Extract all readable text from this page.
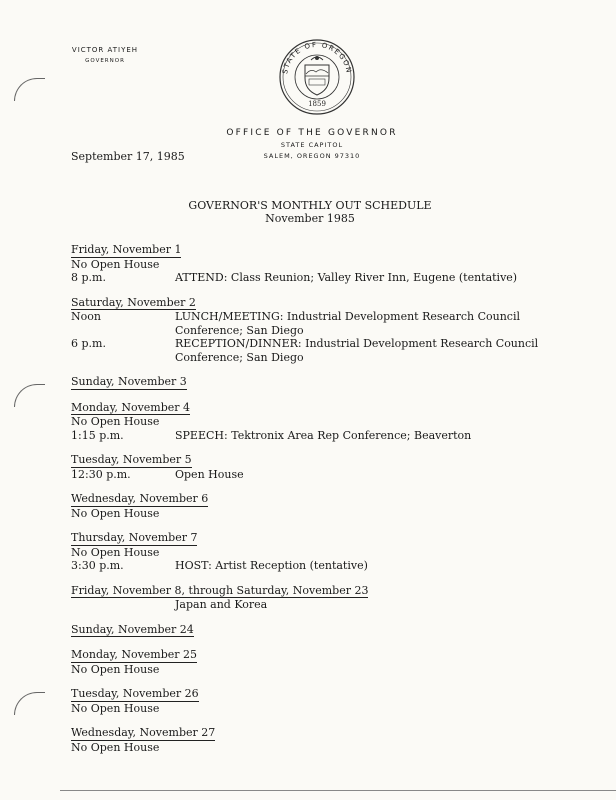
VICTOR ATIYEH
GOVERNOR
STATE OF OREGON
1859
OFFICE OF THE GOVERNOR
STATE CAPITOL
SALEM, OREGON 97310
September 17, 1985
GOVERNOR'S MONTHLY OUT SCHEDULE
November 1985
Friday, November 1
No Open House
8 p.m.	ATTEND: Class Reunion; Valley River Inn, Eugene (tentative)
Saturday, November 2
Noon	LUNCH/MEETING: Industrial Development Research Council
Conference; San Diego
6 p.m.	RECEPTION/DINNER: Industrial Development Research Council
Conference; San Diego
Sunday, November 3
Monday, November 4
No Open House
1:15 p.m.	SPEECH: Tektronix Area Rep Conference; Beaverton
Tuesday, November 5
12:30 p.m.	Open House
Wednesday, November 6
No Open House
Thursday, November 7
No Open House
3:30 p.m.	HOST: Artist Reception (tentative)
Friday, November 8, through Saturday, November 23
Japan and Korea
Sunday, November 24
Monday, November 25
No Open House
Tuesday, November 26
No Open House
Wednesday, November 27
No Open House
